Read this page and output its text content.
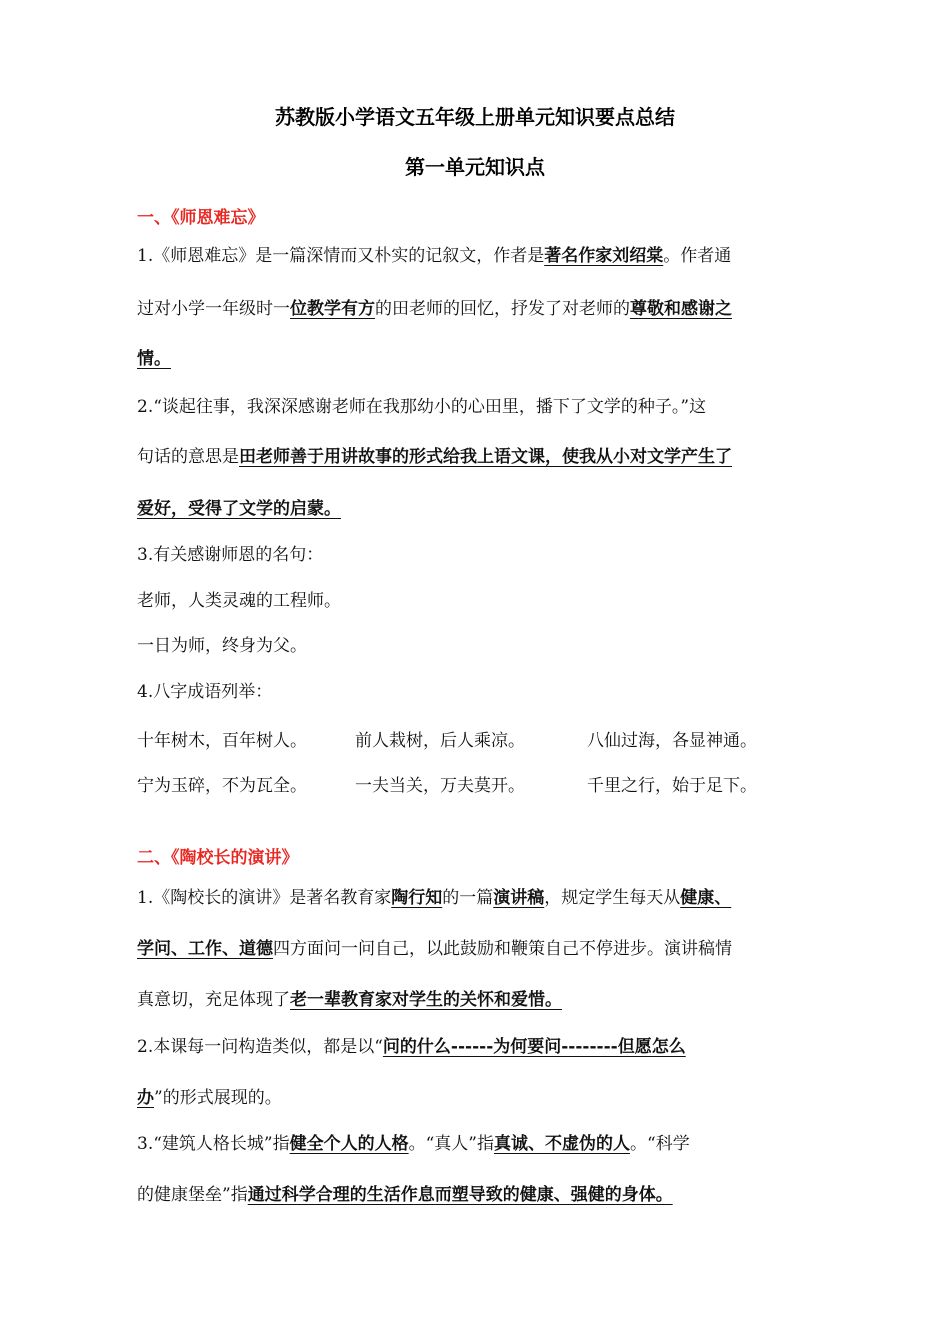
苏教版小学语文五年级上册单元知识要点总结
第一单元知识点
一、《师恩难忘》
1.《师恩难忘》是一篇深情而又朴实的记叙文，作者是著名作家刘绍棠。作者通
过对小学一年级时一位教学有方的田老师的回忆，抒发了对老师的尊敬和感谢之
情。
2.“谈起往事，我深深感谢老师在我那幼小的心田里，播下了文学的种子。”这
句话的意思是田老师善于用讲故事的形式给我上语文课，使我从小对文学产生了
爱好，受得了文学的启蒙。
3.有关感谢师恩的名句：
老师，人类灵魂的工程师。
一日为师，终身为父。
4.八字成语列举：
十年树木，百年树人。	前人栽树，后人乘凉。	八仙过海，各显神通。
宁为玉碎，不为瓦全。	一夫当关，万夫莫开。	千里之行，始于足下。
二、《陶校长的演讲》
1.《陶校长的演讲》是著名教育家陶行知的一篇演讲稿，规定学生每天从健康、
学问、工作、道德四方面问一问自己，以此鼓励和鞭策自己不停进步。演讲稿情
真意切，充足体现了老一辈教育家对学生的关怀和爱惜。
2.本课每一问构造类似，都是以“问的什么------为何要问--------但愿怎么
办”的形式展现的。
3.“建筑人格长城”指健全个人的人格。“真人”指真诚、不虚伪的人。“科学
的健康堡垒”指通过科学合理的生活作息而塑导致的健康、强健的身体。
